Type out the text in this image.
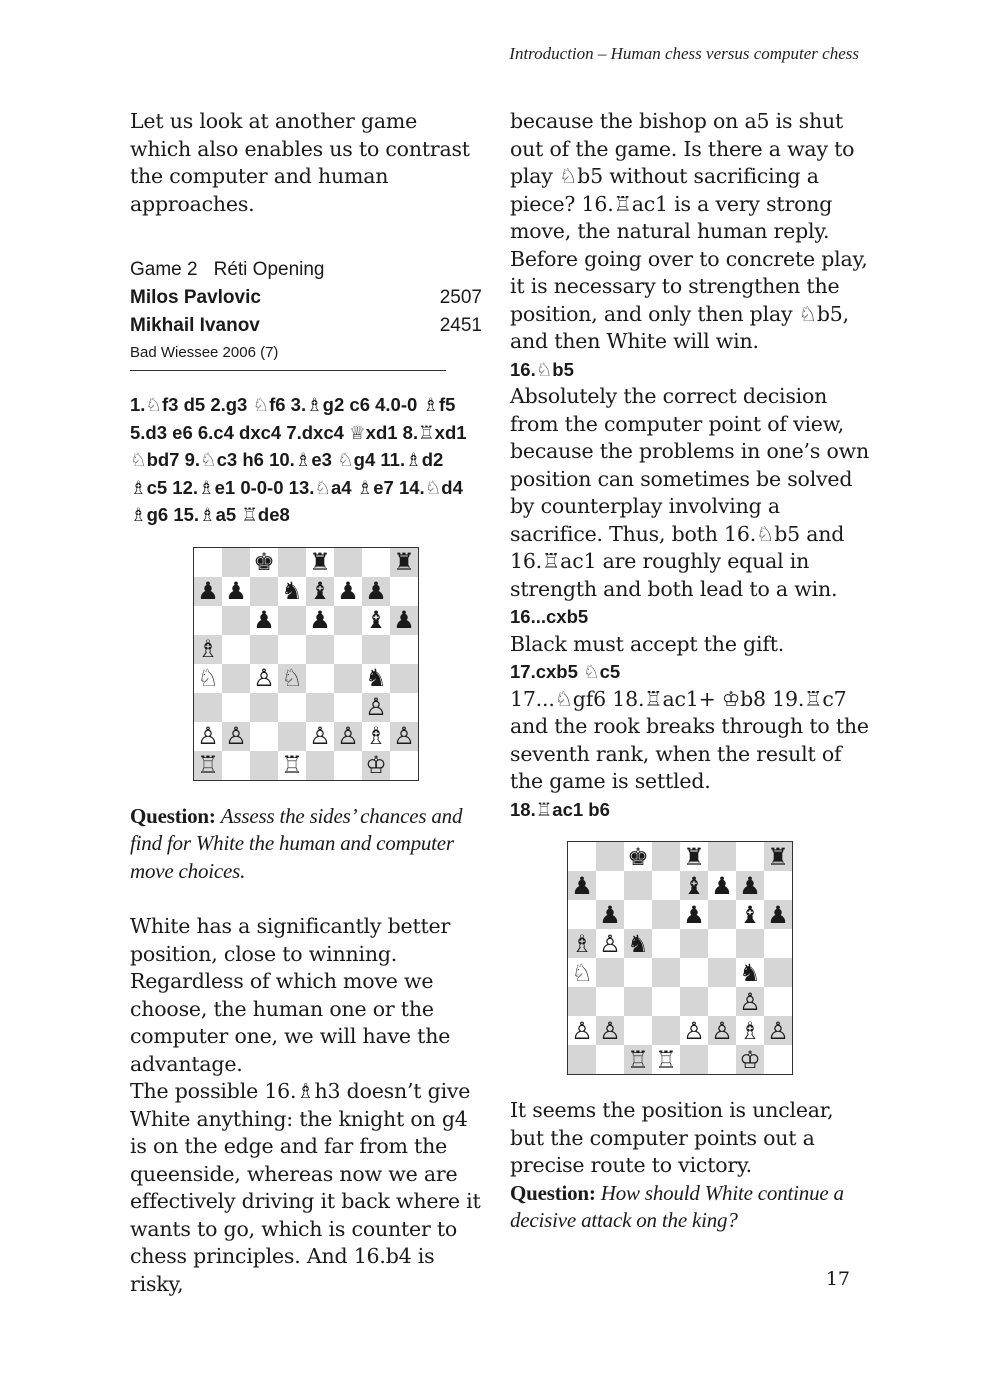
Introduction – Human chess versus computer chess

Let us look at another game which also enables us to contrast the computer and human approaches.

Game 2 Réti Opening
Milos Pavlovic	2507
Mikhail Ivanov	2451
Bad Wiessee 2006 (7)
1.♘f3 d5 2.g3 ♘f6 3.♗g2 c6 4.0-0 ♗f5 5.d3 e6 6.c4 dxc4 7.dxc4 ♕xd1 8.♖xd1 ♘bd7 9.♘c3 h6 10.♗e3 ♘g4 11.♗d2 ♗c5 12.♗e1 0-0-0 13.♘a4 ♗e7 14.♘d4 ♗g6 15.♗a5 ♖de8
♚ ♜	♜
♟ ♟ ♞ ♝ ♟ ♟
♟ ♟ ♝ ♟
♗
♘ ♙ ♘	♞
♙
♙ ♙	♙ ♙ ♗ ♙
♖	♖	♔

Question: Assess the sides’ chances and find for White the human and computer move choices.

White has a significantly better position, close to winning. Regardless of which move we choose, the human one or the computer one, we will have the advantage.

The possible 16.♗h3 doesn’t give White anything: the knight on g4 is on the edge and far from the queenside, whereas now we are effectively driving it back where it wants to go, which is counter to chess principles. And 16.b4 is risky,

because the bishop on a5 is shut out of the game. Is there a way to play ♘b5 without sacrificing a piece? 16.♖ac1 is a very strong move, the natural human reply. Before going over to concrete play, it is necessary to strengthen the position, and only then play ♘b5, and then White will win.

16.♘b5

Absolutely the correct decision from the computer point of view, because the problems in one’s own position can sometimes be solved by counterplay involving a sacrifice. Thus, both 16.♘b5 and 16.♖ac1 are roughly equal in strength and both lead to a win.

16...cxb5

Black must accept the gift.

17.cxb5 ♘c5

17...♘gf6 18.♖ac1+ ♔b8 19.♖c7 and the rook breaks through to the seventh rank, when the result of the game is settled.

18.♖ac1 b6

♚ ♜	♜
♟	♝ ♟ ♟
♟	♟ ♝ ♟
♗ ♙ ♞
♘	♞
♙
♙ ♙	♙ ♙ ♗ ♙
♖ ♖	♔

It seems the position is unclear, but the computer points out a precise route to victory.

Question: How should White continue a decisive attack on the king?

17
